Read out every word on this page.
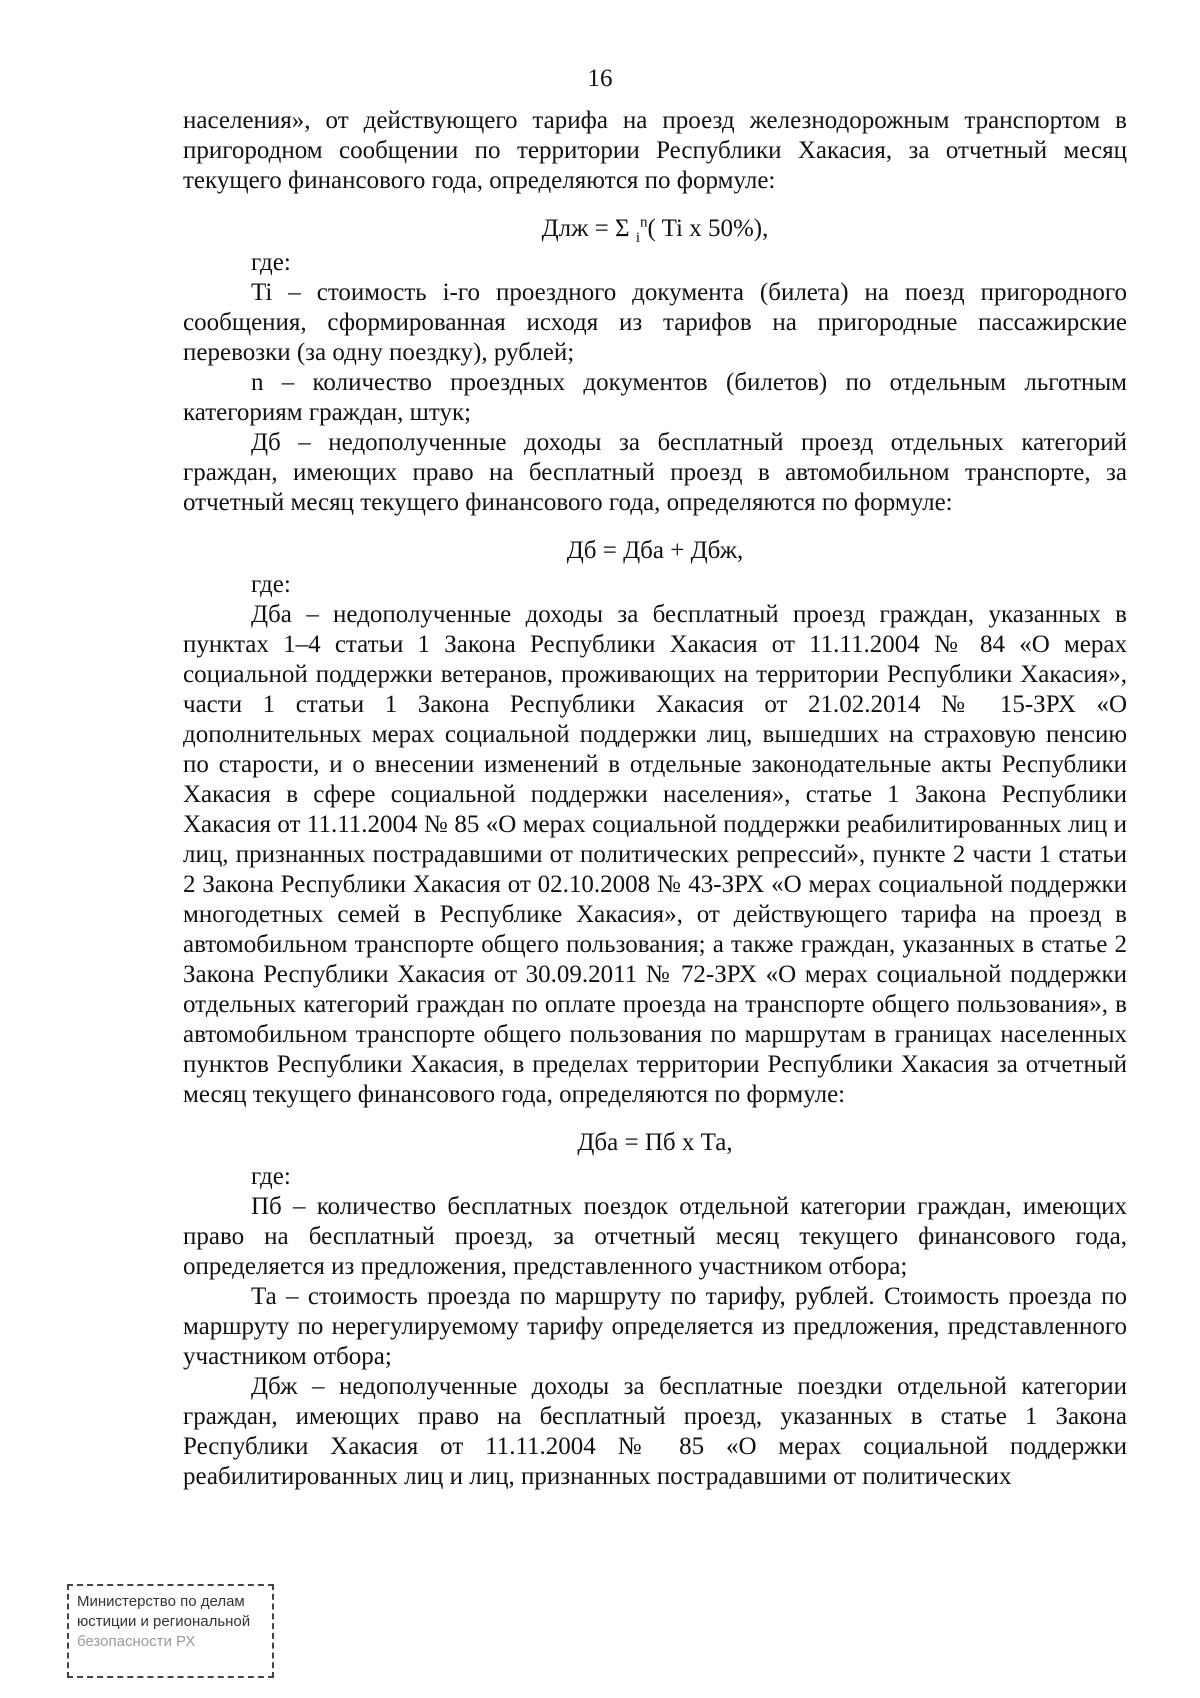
16

населения», от действующего тарифа на проезд железнодорожным транспортом в пригородном сообщении по территории Республики Хакасия, за отчетный месяц текущего финансового года, определяются по формуле:

Длж = Σ $_i^n$( Ti x 50%),

где:

Ti – стоимость i-го проездного документа (билета) на поезд пригородного сообщения, сформированная исходя из тарифов на пригородные пассажирские перевозки (за одну поездку), рублей;

n – количество проездных документов (билетов) по отдельным льготным категориям граждан, штук;

Дб – недополученные доходы за бесплатный проезд отдельных категорий граждан, имеющих право на бесплатный проезд в автомобильном транспорте, за отчетный месяц текущего финансового года, определяются по формуле:

Дб = Дба + Дбж,

где:

Дба – недополученные доходы за бесплатный проезд граждан, указанных в пунктах 1–4 статьи 1 Закона Республики Хакасия от 11.11.2004 № 84 «О мерах социальной поддержки ветеранов, проживающих на территории Республики Хакасия», части 1 статьи 1 Закона Республики Хакасия от 21.02.2014 № 15-ЗРХ «О дополнительных мерах социальной поддержки лиц, вышедших на страховую пенсию по старости, и о внесении изменений в отдельные законодательные акты Республики Хакасия в сфере социальной поддержки населения», статье 1 Закона Республики Хакасия от 11.11.2004 № 85 «О мерах социальной поддержки реабилитированных лиц и лиц, признанных пострадавшими от политических репрессий», пункте 2 части 1 статьи 2 Закона Республики Хакасия от 02.10.2008 № 43-ЗРХ «О мерах социальной поддержки многодетных семей в Республике Хакасия», от действующего тарифа на проезд в автомобильном транспорте общего пользования; а также граждан, указанных в статье 2 Закона Республики Хакасия от 30.09.2011 № 72-ЗРХ «О мерах социальной поддержки отдельных категорий граждан по оплате проезда на транспорте общего пользования», в автомобильном транспорте общего пользования по маршрутам в границах населенных пунктов Республики Хакасия, в пределах территории Республики Хакасия за отчетный месяц текущего финансового года, определяются по формуле:

Дба = Пб x Та,

где:

Пб – количество бесплатных поездок отдельной категории граждан, имеющих право на бесплатный проезд, за отчетный месяц текущего финансового года, определяется из предложения, представленного участником отбора;

Та – стоимость проезда по маршруту по тарифу, рублей. Стоимость проезда по маршруту по нерегулируемому тарифу определяется из предложения, представленного участником отбора;

Дбж – недополученные доходы за бесплатные поездки отдельной категории граждан, имеющих право на бесплатный проезд, указанных в статье 1 Закона Республики Хакасия от 11.11.2004 № 85 «О мерах социальной поддержки реабилитированных лиц и лиц, признанных пострадавшими от политических

Министерство по делам
юстиции и региональной
безопасности РХ
